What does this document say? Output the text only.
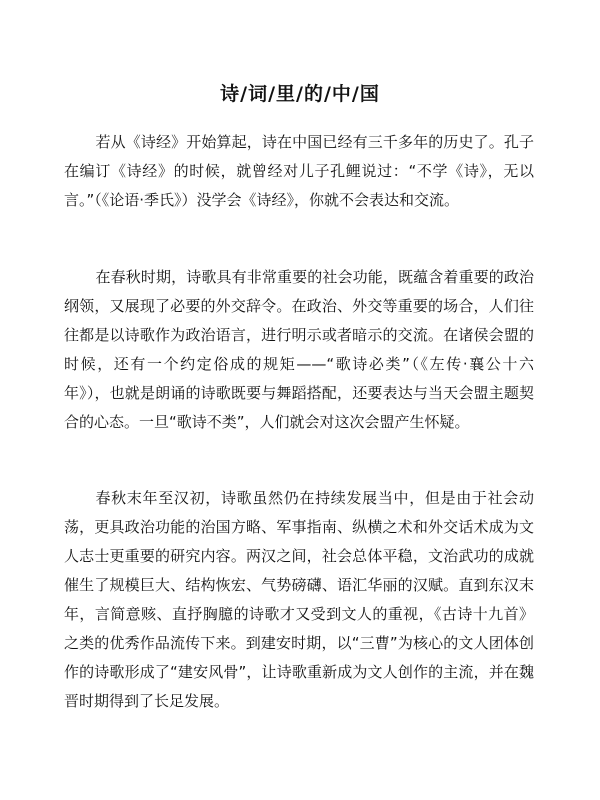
诗/词/里/的/中/国

若从《诗经》开始算起，诗在中国已经有三千多年的历史了。孔子在编订《诗经》的时候，就曾经对儿子孔鲤说过：“不学《诗》，无以言。”（《论语·季氏》）没学会《诗经》，你就不会表达和交流。

在春秋时期，诗歌具有非常重要的社会功能，既蕴含着重要的政治纲领，又展现了必要的外交辞令。在政治、外交等重要的场合，人们往往都是以诗歌作为政治语言，进行明示或者暗示的交流。在诸侯会盟的时候，还有一个约定俗成的规矩——“歌诗必类”（《左传·襄公十六年》），也就是朗诵的诗歌既要与舞蹈搭配，还要表达与当天会盟主题契合的心态。一旦“歌诗不类”，人们就会对这次会盟产生怀疑。

春秋末年至汉初，诗歌虽然仍在持续发展当中，但是由于社会动荡，更具政治功能的治国方略、军事指南、纵横之术和外交话术成为文人志士更重要的研究内容。两汉之间，社会总体平稳，文治武功的成就催生了规模巨大、结构恢宏、气势磅礴、语汇华丽的汉赋。直到东汉末年，言简意赅、直抒胸臆的诗歌才又受到文人的重视，《古诗十九首》之类的优秀作品流传下来。到建安时期，以“三曹”为核心的文人团体创作的诗歌形成了“建安风骨”，让诗歌重新成为文人创作的主流，并在魏晋时期得到了长足发展。
